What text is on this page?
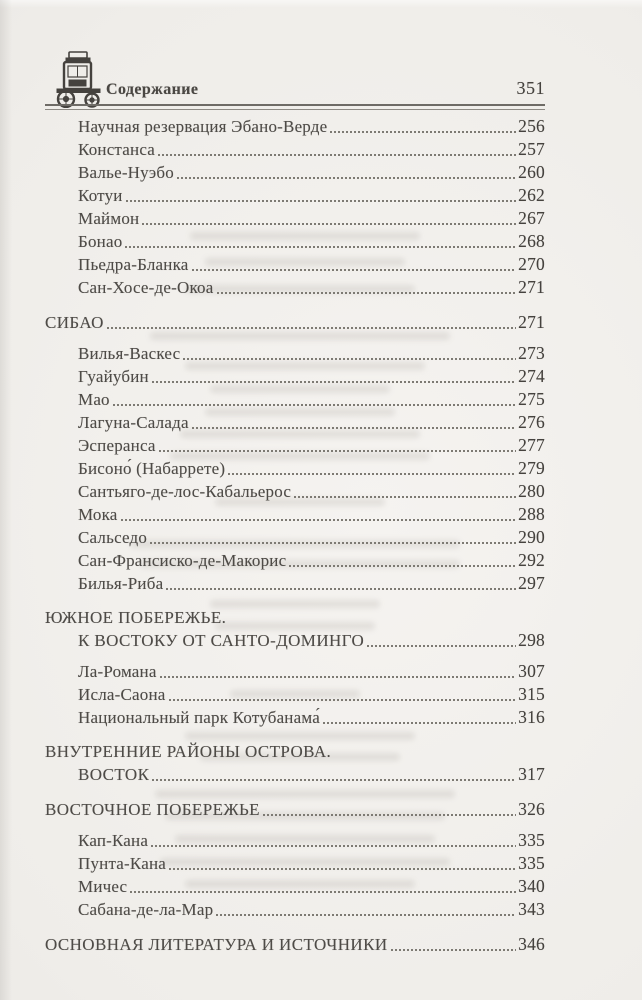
Содержание	351
Научная резервация Эбано-Верде	256
Констанса	257
Валье-Нуэбо	260
Котуи	262
Маймон	267
Бонао	268
Пьедра-Бланка	270
Сан-Хосе-де-Окоа	271
СИБАО	271
Вилья-Васкес	273
Гуайубин	274
Мао	275
Лагуна-Салада	276
Эсперанса	277
Бисоно́ (Набаррете)	279
Сантьяго-де-лос-Кабальерос	280
Мока	288
Сальседо	290
Сан-Франсиско-де-Макорис	292
Билья-Риба	297
ЮЖНОЕ ПОБЕРЕЖЬЕ.
К ВОСТОКУ ОТ САНТО-ДОМИНГО	298
Ла-Романа	307
Исла-Саона	315
Национальный парк Котубанама́	316
ВНУТРЕННИЕ РАЙОНЫ ОСТРОВА.
ВОСТОК	317
ВОСТОЧНОЕ ПОБЕРЕЖЬЕ	326
Кап-Кана	335
Пунта-Кана	335
Мичес	340
Сабана-де-ла-Мар	343
ОСНОВНАЯ ЛИТЕРАТУРА И ИСТОЧНИКИ	346
